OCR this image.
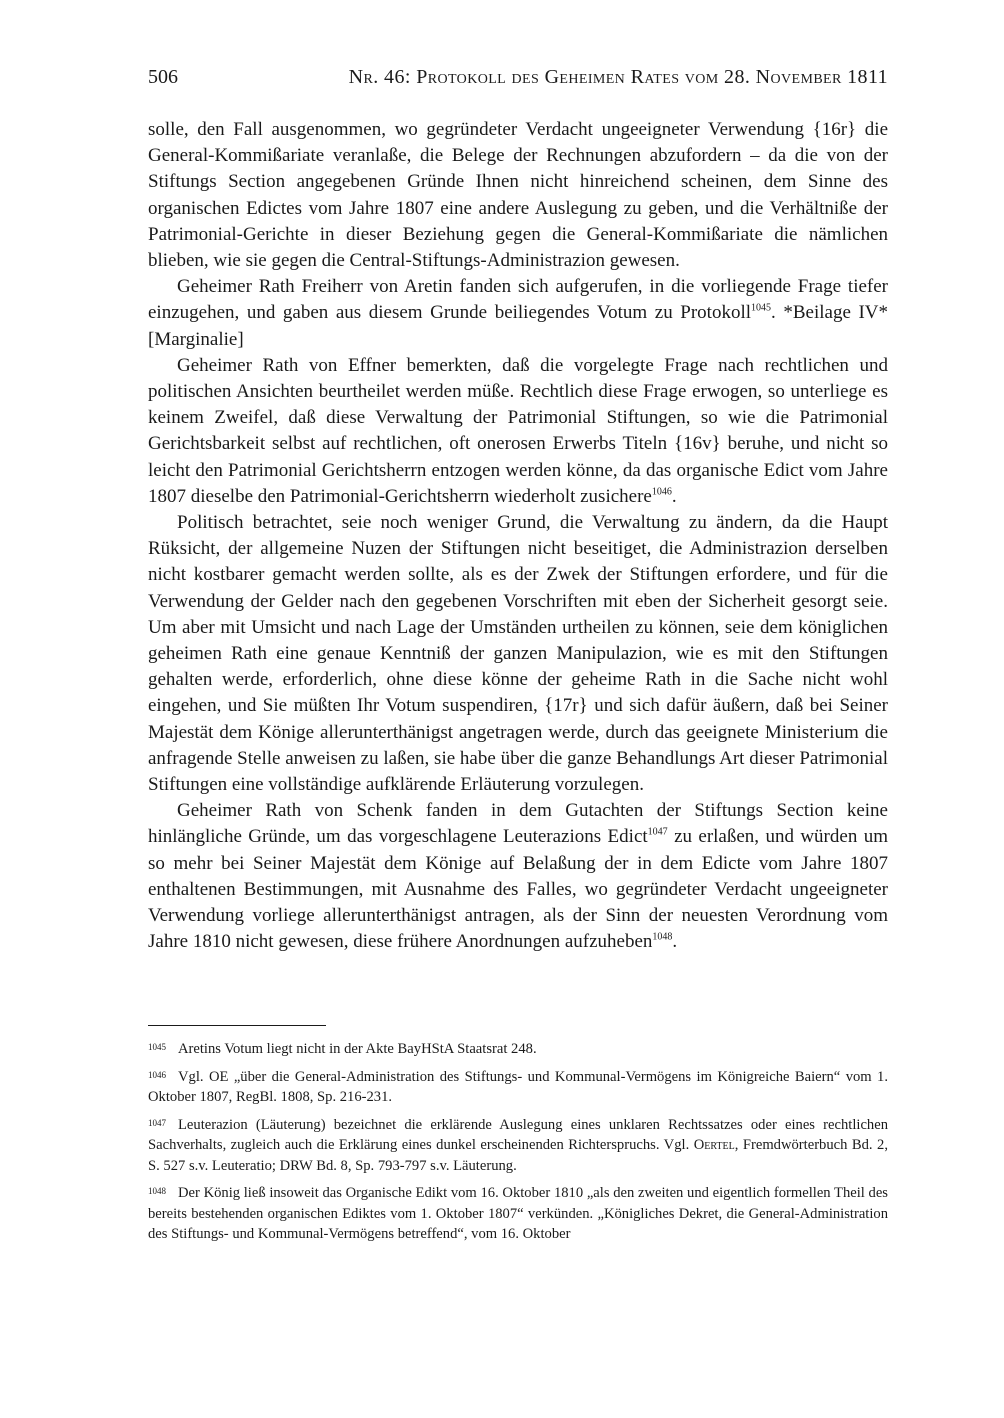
506	Nr. 46: Protokoll des Geheimen Rates vom 28. November 1811

solle, den Fall ausgenommen, wo gegründeter Verdacht ungeeigneter Verwendung {16r} die General-Kommißariate veranlaße, die Belege der Rechnungen abzufordern – da die von der Stiftungs Section angegebenen Gründe Ihnen nicht hinreichend scheinen, dem Sinne des organischen Edictes vom Jahre 1807 eine andere Auslegung zu geben, und die Verhältniße der Patrimonial-Gerichte in dieser Beziehung gegen die General-Kommißariate die nämlichen blieben, wie sie gegen die Central-Stiftungs-Administrazion gewesen.

Geheimer Rath Freiherr von Aretin fanden sich aufgerufen, in die vorliegende Frage tiefer einzugehen, und gaben aus diesem Grunde beiliegendes Votum zu Protokoll$^{1045}$. *Beilage IV* [Marginalie]

Geheimer Rath von Effner bemerkten, daß die vorgelegte Frage nach rechtlichen und politischen Ansichten beurtheilet werden müße. Rechtlich diese Frage erwogen, so unterliege es keinem Zweifel, daß diese Verwaltung der Patrimonial Stiftungen, so wie die Patrimonial Gerichtsbarkeit selbst auf rechtlichen, oft onerosen Erwerbs Titeln {16v} beruhe, und nicht so leicht den Patrimonial Gerichtsherrn entzogen werden könne, da das organische Edict vom Jahre 1807 dieselbe den Patrimonial-Gerichtsherrn wiederholt zusichere$^{1046}$.

Politisch betrachtet, seie noch weniger Grund, die Verwaltung zu ändern, da die Haupt Rüksicht, der allgemeine Nuzen der Stiftungen nicht beseitiget, die Administrazion derselben nicht kostbarer gemacht werden sollte, als es der Zwek der Stiftungen erfordere, und für die Verwendung der Gelder nach den gegebenen Vorschriften mit eben der Sicherheit gesorgt seie. Um aber mit Umsicht und nach Lage der Umständen urtheilen zu können, seie dem königlichen geheimen Rath eine genaue Kenntniß der ganzen Manipulazion, wie es mit den Stiftungen gehalten werde, erforderlich, ohne diese könne der geheime Rath in die Sache nicht wohl eingehen, und Sie müßten Ihr Votum suspendiren, {17r} und sich dafür äußern, daß bei Seiner Majestät dem Könige allerunterthänigst angetragen werde, durch das geeignete Ministerium die anfragende Stelle anweisen zu laßen, sie habe über die ganze Behandlungs Art dieser Patrimonial Stiftungen eine vollständige aufklärende Erläuterung vorzulegen.

Geheimer Rath von Schenk fanden in dem Gutachten der Stiftungs Section keine hinlängliche Gründe, um das vorgeschlagene Leuterazions Edict$^{1047}$ zu erlaßen, und würden um so mehr bei Seiner Majestät dem Könige auf Belaßung der in dem Edicte vom Jahre 1807 enthaltenen Bestimmungen, mit Ausnahme des Falles, wo gegründeter Verdacht ungeeigneter Verwendung vorliege allerunterthänigst antragen, als der Sinn der neuesten Verordnung vom Jahre 1810 nicht gewesen, diese frühere Anordnungen aufzuheben$^{1048}$.

$^{1045}$ Aretins Votum liegt nicht in der Akte BayHStA Staatsrat 248.

$^{1046}$ Vgl. OE „über die General-Administration des Stiftungs- und Kommunal-Vermögens im Königreiche Baiern“ vom 1. Oktober 1807, RegBl. 1808, Sp. 216-231.

$^{1047}$ Leuterazion (Läuterung) bezeichnet die erklärende Auslegung eines unklaren Rechtssatzes oder eines rechtlichen Sachverhalts, zugleich auch die Erklärung eines dunkel erscheinenden Richterspruchs. Vgl. Oertel, Fremdwörterbuch Bd. 2, S. 527 s.v. Leuteratio; DRW Bd. 8, Sp. 793-797 s.v. Läuterung.

$^{1048}$ Der König ließ insoweit das Organische Edikt vom 16. Oktober 1810 „als den zweiten und eigentlich formellen Theil des bereits bestehenden organischen Ediktes vom 1. Oktober 1807“ verkünden. „Königliches Dekret, die General-Administration des Stiftungs- und Kommunal-Vermögens betreffend“, vom 16. Oktober
